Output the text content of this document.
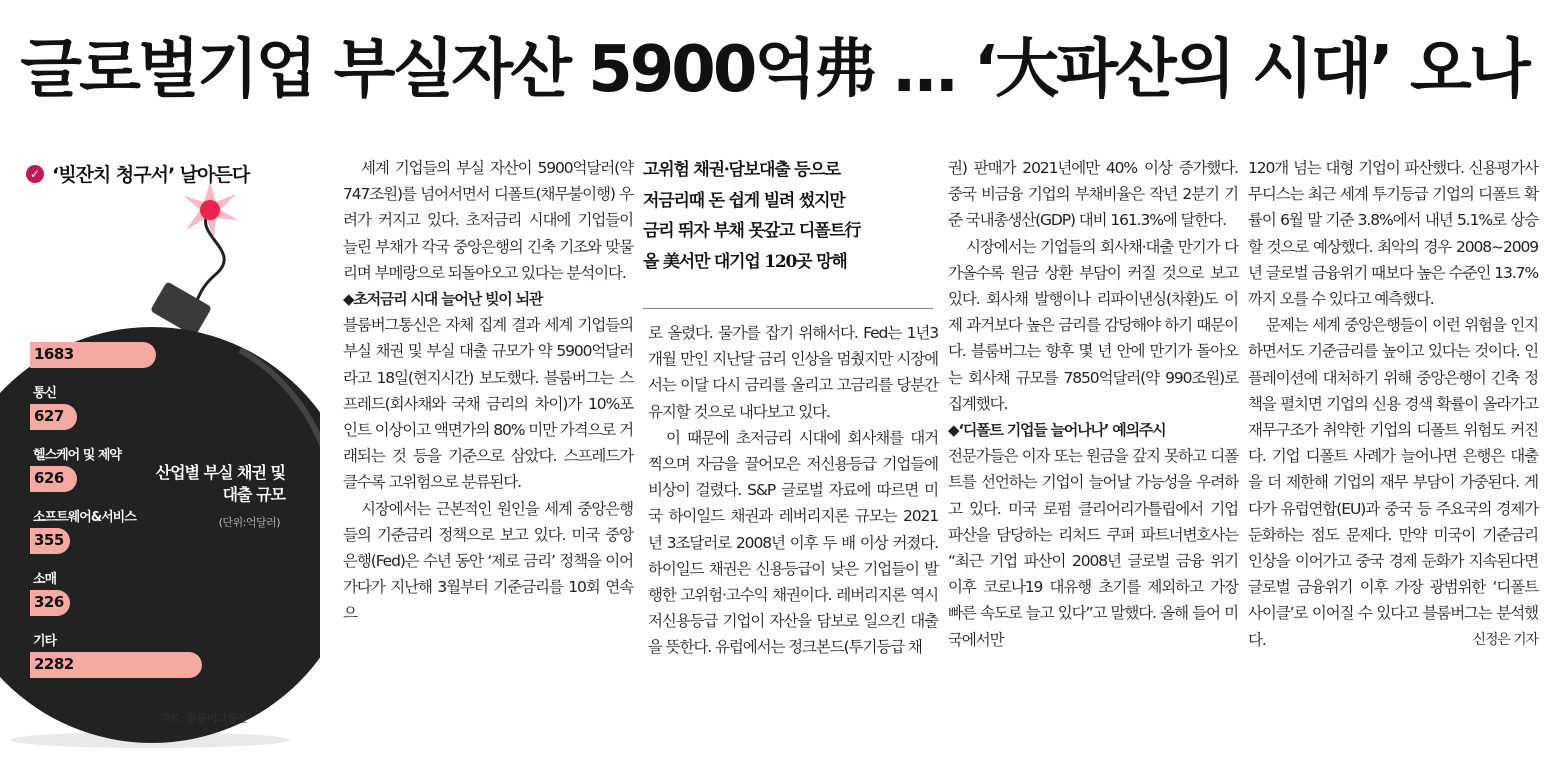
글로벌기업 부실자산 5900억弗 … ‘大파산의 시대’ 오나
✓ ‘빚잔치 청구서’ 날아든다
산업별 부실 채권 및
대출 규모
(단위:억달러)
부동산
1683
통신
627
헬스케어 및 제약
626
소프트웨어&서비스
355
소매
326
기타
2282
자료: 블룸버그통신

세계 기업들의 부실 자산이 5900억달러(약 747조원)를 넘어서면서 디폴트(채무불이행) 우려가 커지고 있다. 초저금리 시대에 기업들이 늘린 부채가 각국 중앙은행의 긴축 기조와 맞물리며 부메랑으로 되돌아오고 있다는 분석이다.

◆초저금리 시대 늘어난 빚이 뇌관

블룸버그통신은 자체 집계 결과 세계 기업들의 부실 채권 및 부실 대출 규모가 약 5900억달러라고 18일(현지시간) 보도했다. 블룸버그는 스프레드(회사채와 국채 금리의 차이)가 10%포인트 이상이고 액면가의 80% 미만 가격으로 거래되는 것 등을 기준으로 삼았다. 스프레드가 클수록 고위험으로 분류된다.

시장에서는 근본적인 원인을 세계 중앙은행들의 기준금리 정책으로 보고 있다. 미국 중앙은행(Fed)은 수년 동안 ‘제로 금리’ 정책을 이어가다가 지난해 3월부터 기준금리를 10회 연속으

고위험 채권·담보대출 등으로
저금리때 돈 쉽게 빌려 썼지만
금리 뛰자 부채 못갚고 디폴트行
올 美서만 대기업 120곳 망해

로 올렸다. 물가를 잡기 위해서다. Fed는 1년3개월 만인 지난달 금리 인상을 멈췄지만 시장에서는 이달 다시 금리를 올리고 고금리를 당분간 유지할 것으로 내다보고 있다.

이 때문에 초저금리 시대에 회사채를 대거 찍으며 자금을 끌어모은 저신용등급 기업들에 비상이 걸렸다. S&P 글로벌 자료에 따르면 미국 하이일드 채권과 레버리지론 규모는 2021년 3조달러로 2008년 이후 두 배 이상 커졌다. 하이일드 채권은 신용등급이 낮은 기업들이 발행한 고위험·고수익 채권이다. 레버리지론 역시 저신용등급 기업이 자산을 담보로 일으킨 대출을 뜻한다. 유럽에서는 정크본드(투기등급 채

권) 판매가 2021년에만 40% 이상 증가했다. 중국 비금융 기업의 부채비율은 작년 2분기 기준 국내총생산(GDP) 대비 161.3%에 달한다.

시장에서는 기업들의 회사채·대출 만기가 다가올수록 원금 상환 부담이 커질 것으로 보고 있다. 회사채 발행이나 리파이낸싱(차환)도 이제 과거보다 높은 금리를 감당해야 하기 때문이다. 블룸버그는 향후 몇 년 안에 만기가 돌아오는 회사채 규모를 7850억달러(약 990조원)로 집계했다.

◆‘디폴트 기업들 늘어나나’ 예의주시

전문가들은 이자 또는 원금을 갚지 못하고 디폴트를 선언하는 기업이 늘어날 가능성을 우려하고 있다. 미국 로펌 클리어리가틀립에서 기업 파산을 담당하는 리처드 쿠퍼 파트너변호사는 “최근 기업 파산이 2008년 글로벌 금융 위기 이후 코로나19 대유행 초기를 제외하고 가장 빠른 속도로 늘고 있다”고 말했다. 올해 들어 미국에서만

120개 넘는 대형 기업이 파산했다. 신용평가사 무디스는 최근 세계 투기등급 기업의 디폴트 확률이 6월 말 기준 3.8%에서 내년 5.1%로 상승할 것으로 예상했다. 최악의 경우 2008~2009년 글로벌 금융위기 때보다 높은 수준인 13.7%까지 오를 수 있다고 예측했다.

문제는 세계 중앙은행들이 이런 위험을 인지하면서도 기준금리를 높이고 있다는 것이다. 인플레이션에 대처하기 위해 중앙은행이 긴축 정책을 펼치면 기업의 신용 경색 확률이 올라가고 재무구조가 취약한 기업의 디폴트 위험도 커진다. 기업 디폴트 사례가 늘어나면 은행은 대출을 더 제한해 기업의 재무 부담이 가중된다. 게다가 유럽연합(EU)과 중국 등 주요국의 경제가 둔화하는 점도 문제다. 만약 미국이 기준금리 인상을 이어가고 중국 경제 둔화가 지속된다면 글로벌 금융위기 이후 가장 광범위한 ‘디폴트 사이클’로 이어질 수 있다고 블룸버그는 분석했다.	신정은 기자
